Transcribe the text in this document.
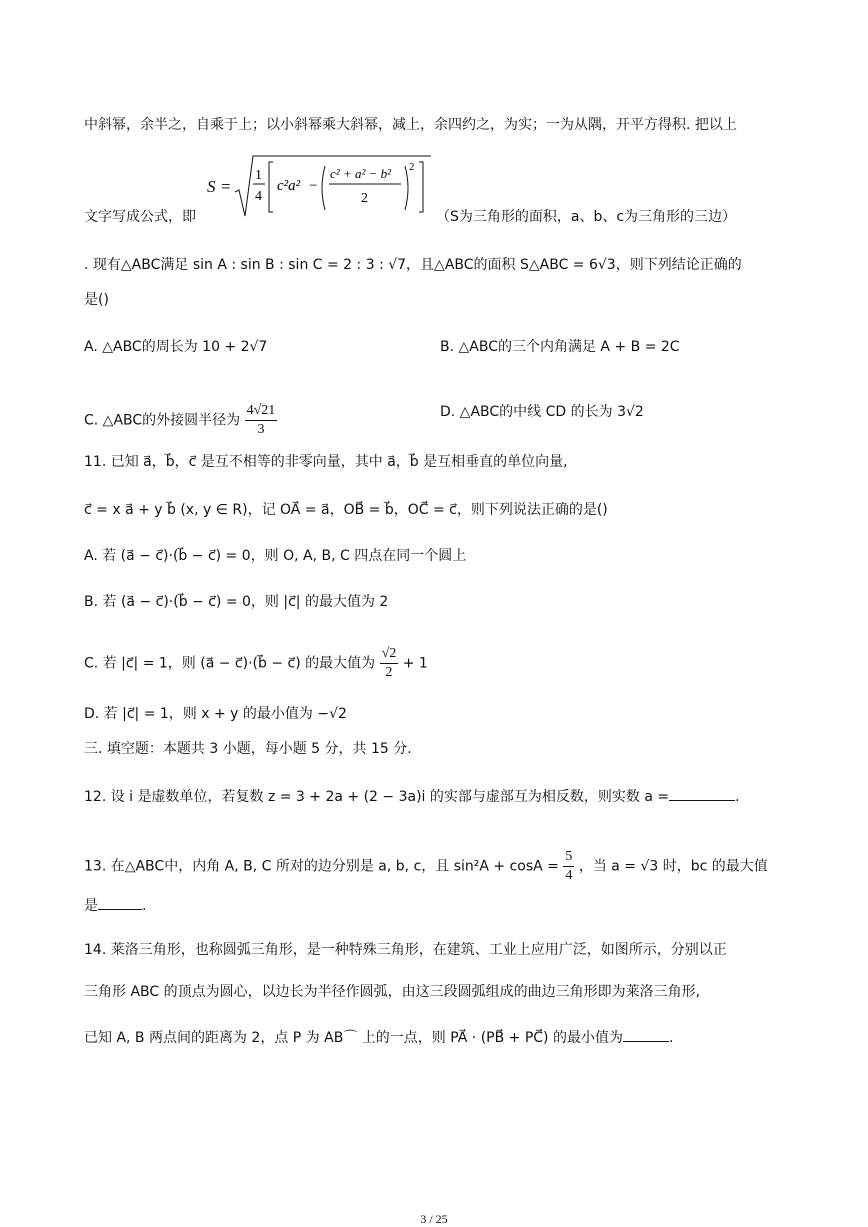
中斜幂，余半之，自乘于上；以小斜幂乘大斜幂，减上，余四约之，为实；一为从隅，开平方得积. 把以上
S =
1
4
c²a² −
c² + a² − b²
2
2
文字写成公式，即	（S为三角形的面积，a、b、c为三角形的三边）
. 现有△ABC满足 sin A : sin B : sin C = 2 : 3 : √7，且△ABC的面积 S△ABC = 6√3，则下列结论正确的
是()
A. △ABC的周长为 10 + 2√7	B. △ABC的三个内角满足 A + B = 2C
C. △ABC的外接圆半径为 $\frac{4√21}{3}$	D. △ABC的中线 CD 的长为 3√2
11. 已知 a⃗，b⃗，c⃗ 是互不相等的非零向量，其中 a⃗，b⃗ 是互相垂直的单位向量,
c⃗ = x a⃗ + y b⃗ (x, y ∈ R)，记 OA⃗ = a⃗，OB⃗ = b⃗，OC⃗ = c⃗，则下列说法正确的是()
A. 若 (a⃗ − c⃗)·(b⃗ − c⃗) = 0，则 O, A, B, C 四点在同一个圆上
B. 若 (a⃗ − c⃗)·(b⃗ − c⃗) = 0，则 |c⃗| 的最大值为 2
C. 若 |c⃗| = 1，则 (a⃗ − c⃗)·(b⃗ − c⃗) 的最大值为 $\frac{√2}{2} + 1$
D. 若 |c⃗| = 1，则 x + y 的最小值为 −√2
三. 填空题：本题共 3 小题，每小题 5 分，共 15 分.
12. 设 i 是虚数单位，若复数 z = 3 + 2a + (2 − 3a)i 的实部与虚部互为相反数，则实数 a =	.
13. 在△ABC中，内角 A, B, C 所对的边分别是 a, b, c，且 $\sin^2A + \cos A = \frac{5}{4}$ ，当 a = √3 时，bc 的最大值
是	.
14. 莱洛三角形，也称圆弧三角形，是一种特殊三角形，在建筑、工业上应用广泛，如图所示，分别以正
三角形 ABC 的顶点为圆心，以边长为半径作圆弧，由这三段圆弧组成的曲边三角形即为莱洛三角形,
已知 A, B 两点间的距离为 2，点 P 为 AB⌒ 上的一点，则 PA⃗ · (PB⃗ + PC⃗) 的最小值为	.
3 / 25
